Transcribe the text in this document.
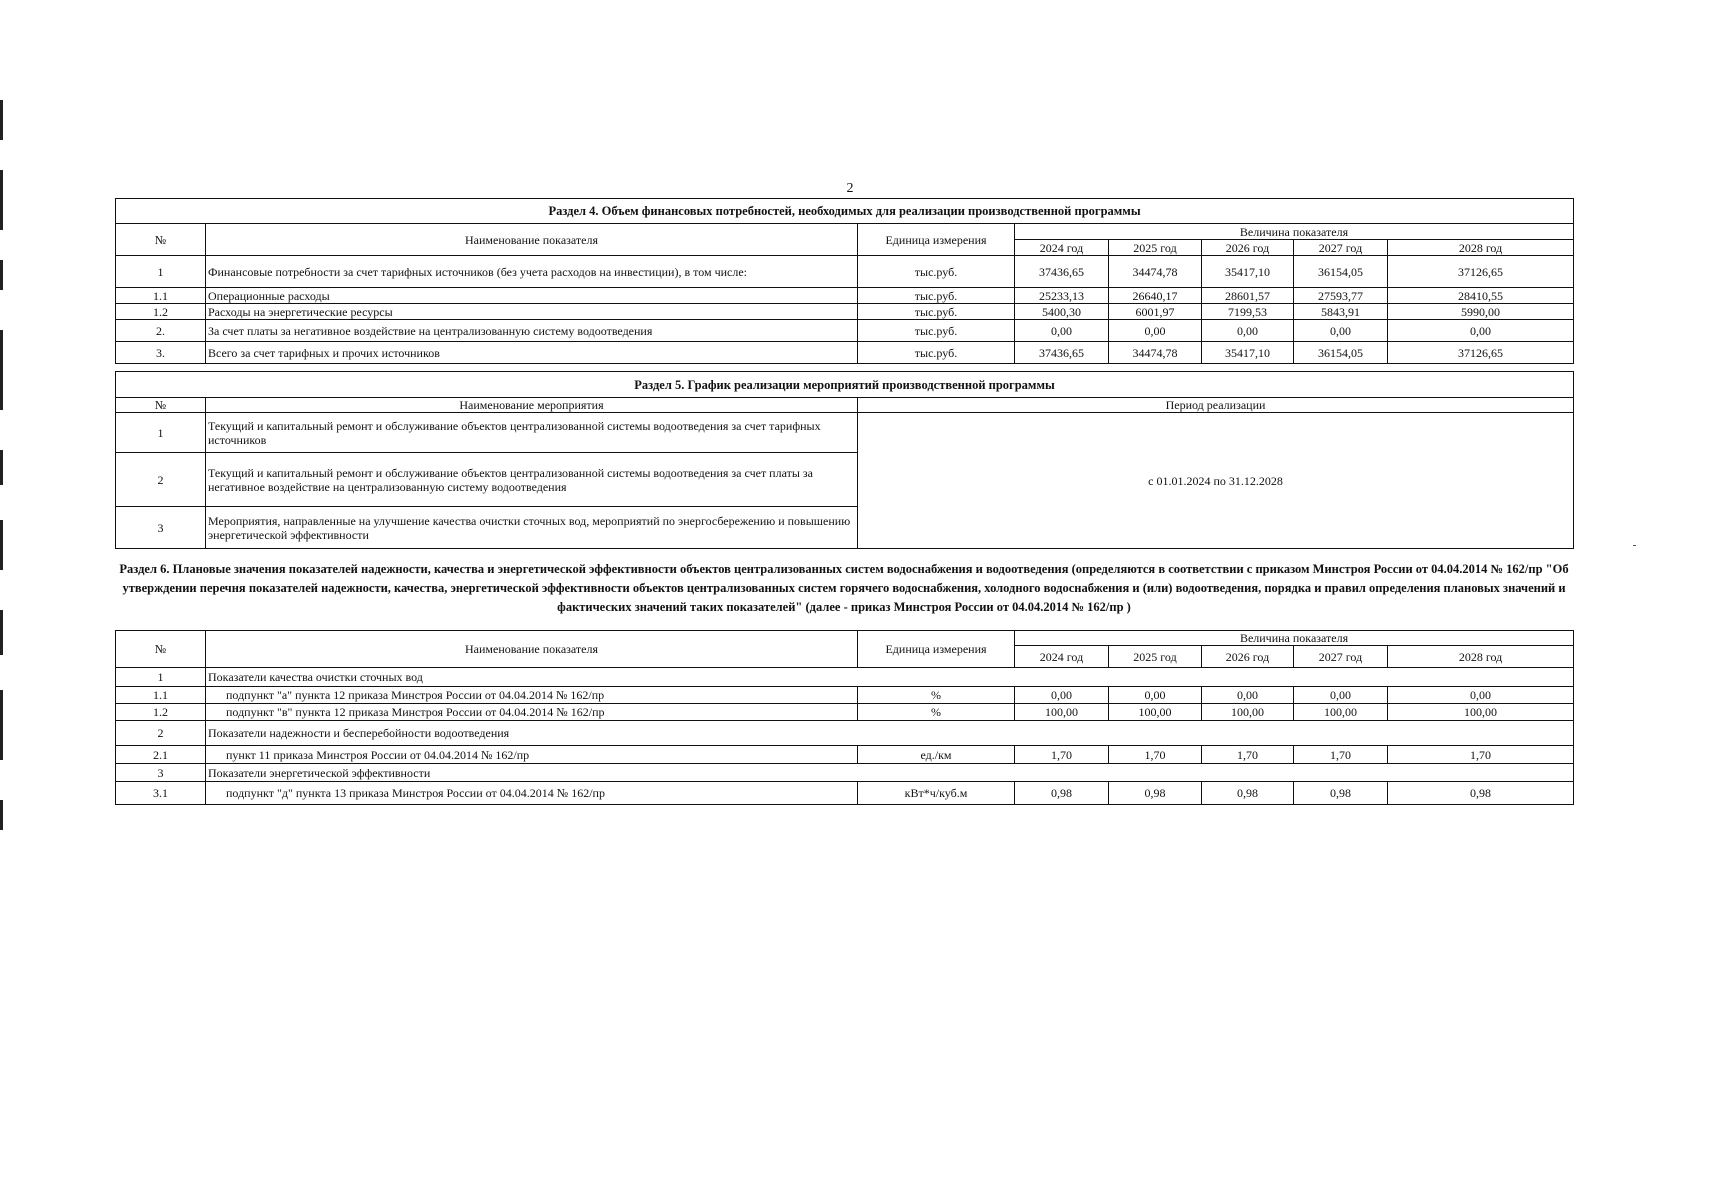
2
Раздел 4. Объем финансовых потребностей, необходимых для реализации производственной программы							
№	Наименование показателя	Единица измерения	Величина показателя				
			2024 год	2025 год	2026 год	2027 год	2028 год
1	Финансовые потребности за счет тарифных источников (без учета расходов на инвестиции), в том числе:	тыс.руб.	37436,65	34474,78	35417,10	36154,05	37126,65
1.1	Операционные расходы	тыс.руб.	25233,13	26640,17	28601,57	27593,77	28410,55
1.2	Расходы на энергетические ресурсы	тыс.руб.	5400,30	6001,97	7199,53	5843,91	5990,00
2.	За счет платы за негативное воздействие на централизованную систему водоотведения	тыс.руб.	0,00	0,00	0,00	0,00	0,00
3.	Всего за счет тарифных и прочих источников	тыс.руб.	37436,65	34474,78	35417,10	36154,05	37126,65
Раздел 5. График реализации мероприятий производственной программы		
№	Наименование мероприятия	Период реализации
1	Текущий и капитальный ремонт и обслуживание объектов централизованной системы водоотведения за счет тарифных источников	с 01.01.2024 по 31.12.2028
2	Текущий и капитальный ремонт и обслуживание объектов централизованной системы водоотведения за счет платы за негативное воздействие на централизованную систему водоотведения	
3	Мероприятия, направленные на улучшение качества очистки сточных вод, мероприятий по энергосбережению и повышению энергетической эффективности	
Раздел 6. Плановые значения показателей надежности, качества и энергетической эффективности объектов централизованных систем водоснабжения и водоотведения (определяются в соответствии с приказом Минстроя России от 04.04.2014 № 162/пр "Об утверждении перечня показателей надежности, качества, энергетической эффективности объектов централизованных систем горячего водоснабжения, холодного водоснабжения и (или) водоотведения, порядка и правил определения плановых значений и фактических значений таких показателей" (далее - приказ Минстроя России от 04.04.2014 № 162/пр )
№	Наименование показателя	Единица измерения	Величина показателя				
			2024 год	2025 год	2026 год	2027 год	2028 год
1	Показатели качества очистки сточных вод						
1.1	подпункт "а" пункта 12 приказа Минстроя России от 04.04.2014 № 162/пр	%	0,00	0,00	0,00	0,00	0,00
1.2	подпункт "в" пункта 12 приказа Минстроя России от 04.04.2014 № 162/пр	%	100,00	100,00	100,00	100,00	100,00
2	Показатели надежности и бесперебойности водоотведения						
2.1	пункт 11 приказа Минстроя России от 04.04.2014 № 162/пр	ед./км	1,70	1,70	1,70	1,70	1,70
3	Показатели энергетической эффективности						
3.1	подпункт "д" пункта 13 приказа Минстроя России от 04.04.2014 № 162/пр	кВт*ч/куб.м	0,98	0,98	0,98	0,98	0,98
